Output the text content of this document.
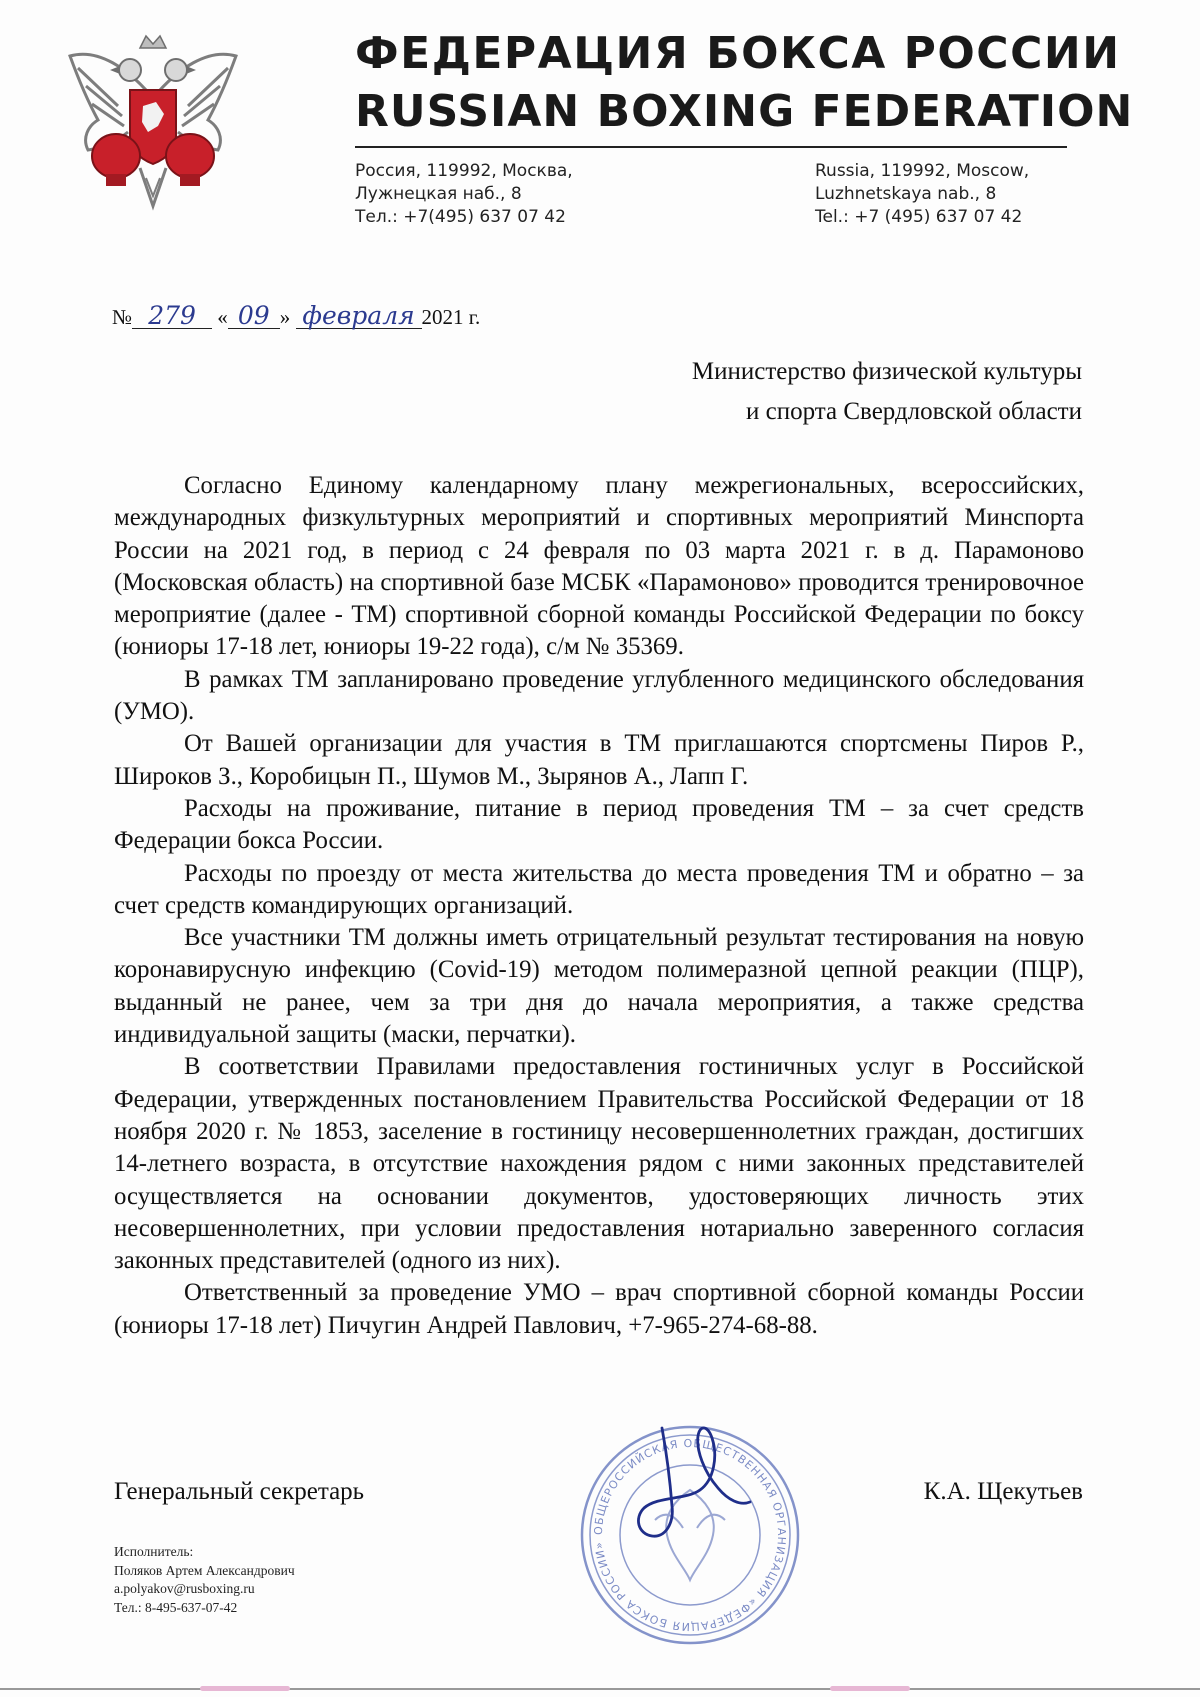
ФЕДЕРАЦИЯ БОКСА РОССИИ
RUSSIAN BOXING FEDERATION
Россия, 119992, Москва,
Лужнецкая наб., 8
Тел.: +7(495) 637 07 42
Russia, 119992, Moscow,
Luzhnetskaya nab., 8
Tel.: +7 (495) 637 07 42
№ 279 « 09 » февраля 2021 г.
Министерство физической культуры
и спорта Свердловской области

Согласно Единому календарному плану межрегиональных, всероссийских, международных физкультурных мероприятий и спортивных мероприятий Минспорта России на 2021 год, в период с 24 февраля по 03 марта 2021 г. в д. Парамоново (Московская область) на спортивной базе МСБК «Парамоново» проводится тренировочное мероприятие (далее - ТМ) спортивной сборной команды Российской Федерации по боксу (юниоры 17-18 лет, юниоры 19-22 года), с/м № 35369.

В рамках ТМ запланировано проведение углубленного медицинского обследования (УМО).

От Вашей организации для участия в ТМ приглашаются спортсмены Пиров Р., Широков З., Коробицын П., Шумов М., Зырянов А., Лапп Г.

Расходы на проживание, питание в период проведения ТМ – за счет средств Федерации бокса России.

Расходы по проезду от места жительства до места проведения ТМ и обратно – за счет средств командирующих организаций.

Все участники ТМ должны иметь отрицательный результат тестирования на новую коронавирусную инфекцию (Covid-19) методом полимеразной цепной реакции (ПЦР), выданный не ранее, чем за три дня до начала мероприятия, а также средства индивидуальной защиты (маски, перчатки).

В соответствии Правилами предоставления гостиничных услуг в Российской Федерации, утвержденных постановлением Правительства Российской Федерации от 18 ноября 2020 г. № 1853, заселение в гостиницу несовершеннолетних граждан, достигших 14-летнего возраста, в отсутствие нахождения рядом с ними законных представителей осуществляется на основании документов, удостоверяющих личность этих несовершеннолетних, при условии предоставления нотариально заверенного согласия законных представителей (одного из них).

Ответственный за проведение УМО – врач спортивной сборной команды России (юниоры 17-18 лет) Пичугин Андрей Павлович, +7-965-274-68-88.

ОБЩЕРОССИЙСКАЯ ОБЩЕСТВЕННАЯ ОРГАНИЗАЦИЯ «ФЕДЕРАЦИЯ БОКСА РОССИИ»
Генеральный секретарь	К.А. Щекутьев
Исполнитель:
Поляков Артем Александрович
a.polyakov@rusboxing.ru
Тел.: 8-495-637-07-42
